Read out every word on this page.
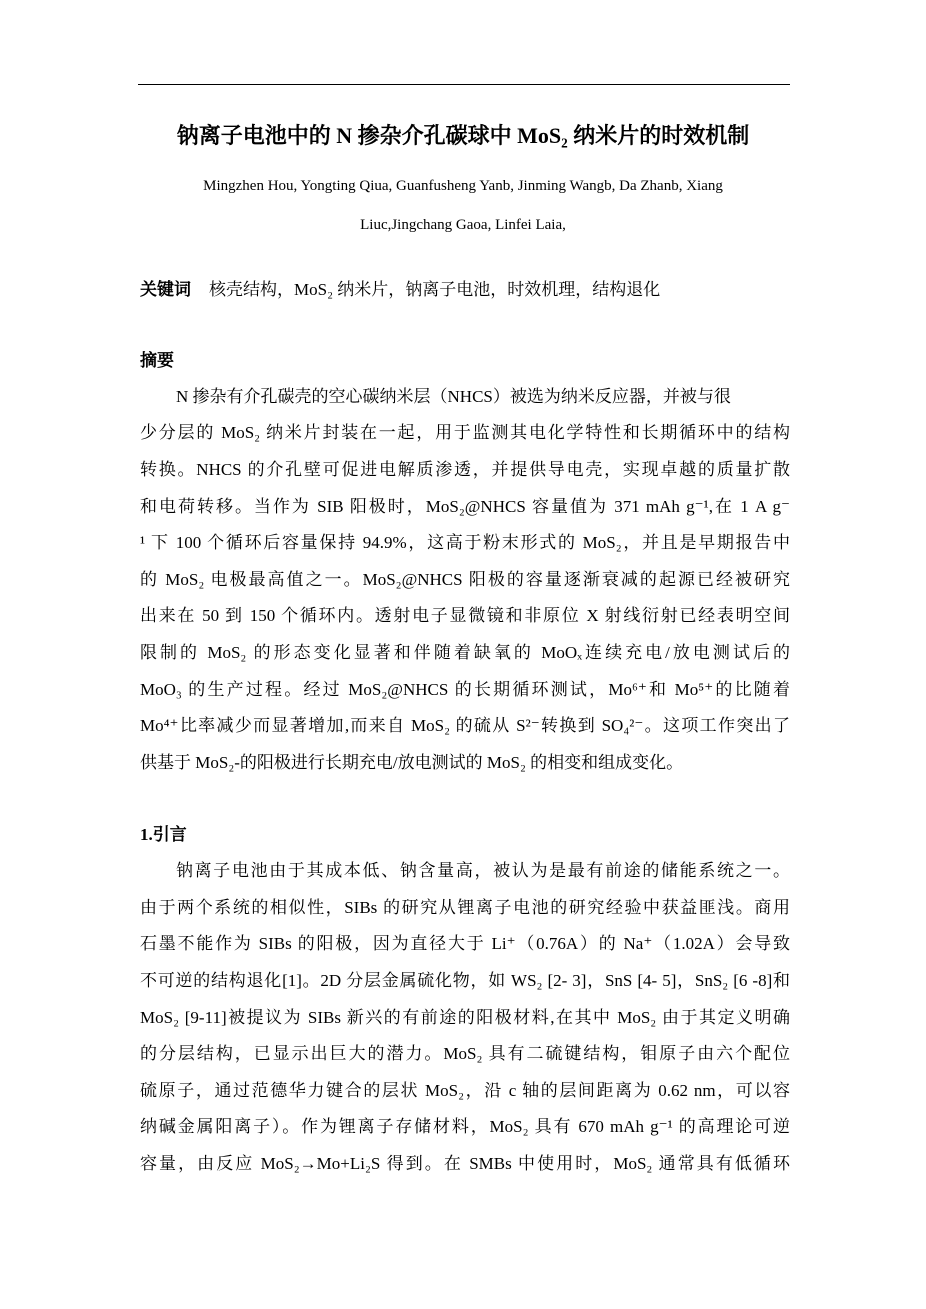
钠离子电池中的 N 掺杂介孔碳球中 MoS₂ 纳米片的时效机制
Mingzhen Hou, Yongting Qiua, Guanfusheng Yanb, Jinming Wangb, Da Zhanb, Xiang
Liuc,Jingchang Gaoa, Linfei Laia,
关键词 核壳结构，MoS₂ 纳米片，钠离子电池，时效机理，结构退化
摘要
N 掺杂有介孔碳壳的空心碳纳米层（NHCS）被选为纳米反应器，并被与很
少分层的 MoS₂ 纳米片封装在一起，用于监测其电化学特性和长期循环中的结构
转换。NHCS 的介孔壁可促进电解质渗透，并提供导电壳，实现卓越的质量扩散
和电荷转移。当作为 SIB 阳极时，MoS₂@NHCS 容量值为 371 mAh g⁻¹,在 1 A g⁻
¹ 下 100 个循环后容量保持 94.9%，这高于粉末形式的 MoS₂，并且是早期报告中
的 MoS₂ 电极最高值之一。MoS₂@NHCS 阳极的容量逐渐衰减的起源已经被研究
出来在 50 到 150 个循环内。透射电子显微镜和非原位 X 射线衍射已经表明空间
限制的 MoS₂ 的形态变化显著和伴随着缺氧的 MoOₓ连续充电/放电测试后的
MoO₃ 的生产过程。经过 MoS₂@NHCS 的长期循环测试，Mo⁶⁺和 Mo⁵⁺的比随着
Mo⁴⁺比率减少而显著增加,而来自 MoS₂ 的硫从 S²⁻转换到 SO₄²⁻。这项工作突出了
供基于 MoS₂-的阳极进行长期充电/放电测试的 MoS₂ 的相变和组成变化。
1.引言
钠离子电池由于其成本低、钠含量高，被认为是最有前途的储能系统之一。
由于两个系统的相似性，SIBs 的研究从锂离子电池的研究经验中获益匪浅。商用
石墨不能作为 SIBs 的阳极，因为直径大于 Li⁺（0.76A）的 Na⁺（1.02A）会导致
不可逆的结构退化[1]。2D 分层金属硫化物，如 WS₂ [2- 3]，SnS [4- 5]，SnS₂ [6 -8]和
MoS₂ [9-11]被提议为 SIBs 新兴的有前途的阳极材料,在其中 MoS₂ 由于其定义明确
的分层结构，已显示出巨大的潜力。MoS₂ 具有二硫键结构，钼原子由六个配位
硫原子，通过范德华力键合的层状 MoS₂，沿 c 轴的层间距离为 0.62 nm，可以容
纳碱金属阳离子）。作为锂离子存储材料，MoS₂ 具有 670 mAh g⁻¹ 的高理论可逆
容量，由反应 MoS₂→Mo+Li₂S 得到。在 SMBs 中使用时，MoS₂ 通常具有低循环
